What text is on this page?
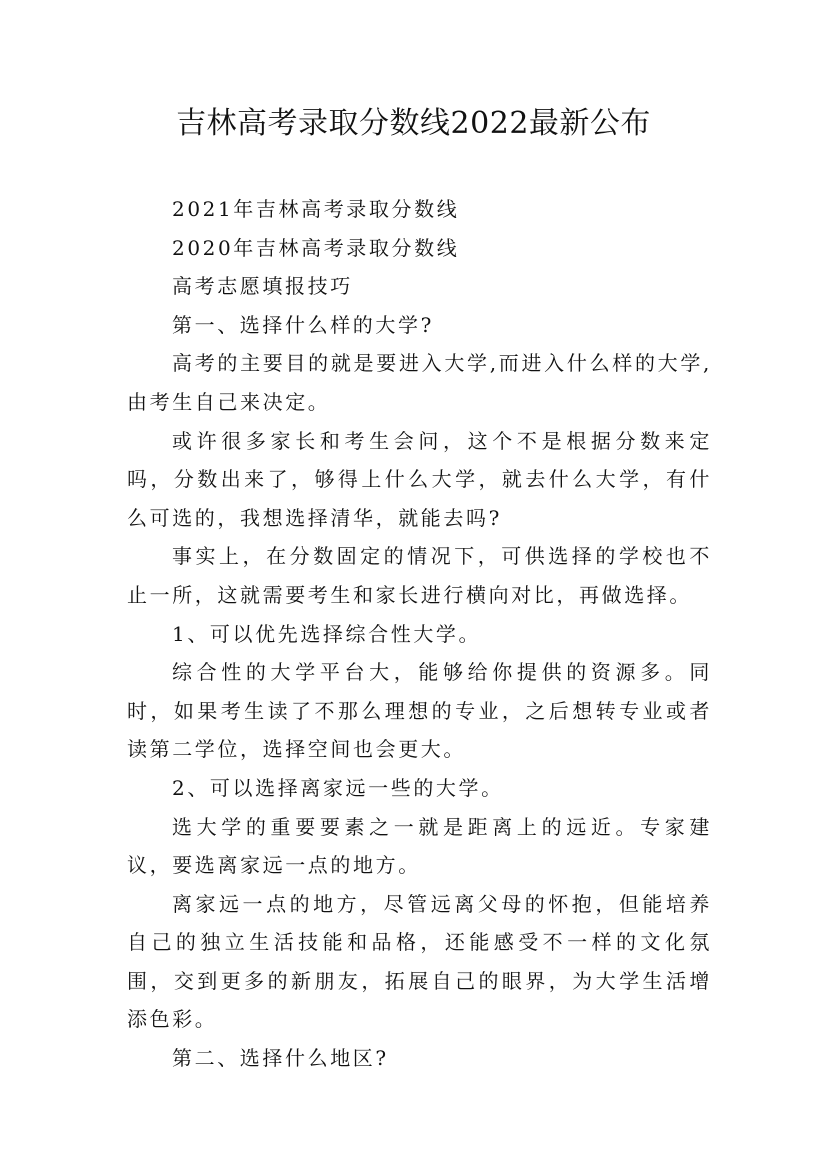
吉林高考录取分数线2022最新公布

2021年吉林高考录取分数线

2020年吉林高考录取分数线

高考志愿填报技巧

第一、选择什么样的大学?

高考的主要目的就是要进入大学,而进入什么样的大学,由考生自己来决定。

或许很多家长和考生会问，这个不是根据分数来定吗，分数出来了，够得上什么大学，就去什么大学，有什么可选的，我想选择清华，就能去吗?

事实上，在分数固定的情况下，可供选择的学校也不止一所，这就需要考生和家长进行横向对比，再做选择。

1、可以优先选择综合性大学。

综合性的大学平台大，能够给你提供的资源多。同时，如果考生读了不那么理想的专业，之后想转专业或者读第二学位，选择空间也会更大。

2、可以选择离家远一些的大学。

选大学的重要要素之一就是距离上的远近。专家建议，要选离家远一点的地方。

离家远一点的地方，尽管远离父母的怀抱，但能培养自己的独立生活技能和品格，还能感受不一样的文化氛围，交到更多的新朋友，拓展自己的眼界，为大学生活增添色彩。

第二、选择什么地区?
